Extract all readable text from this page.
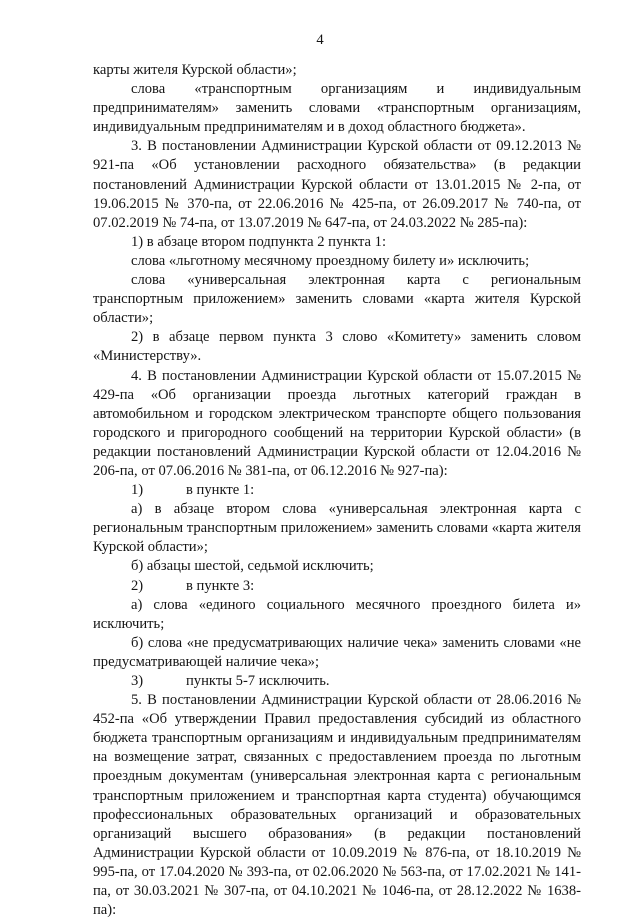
4

карты жителя Курской области»;

слова «транспортным организациям и индивидуальным предпринимателям» заменить словами «транспортным организациям, индивидуальным предпринимателям и в доход областного бюджета».

3. В постановлении Администрации Курской области от 09.12.2013 № 921-па «Об установлении расходного обязательства» (в редакции постановлений Администрации Курской области от 13.01.2015 № 2-па, от 19.06.2015 № 370-па, от 22.06.2016 № 425-па, от 26.09.2017 № 740-па, от 07.02.2019 № 74-па, от 13.07.2019 № 647-па, от 24.03.2022 № 285-па):

1) в абзаце втором подпункта 2 пункта 1:

слова «льготному месячному проездному билету и» исключить;

слова «универсальная электронная карта с региональным транспортным приложением» заменить словами «карта жителя Курской области»;

2) в абзаце первом пункта 3 слово «Комитету» заменить словом «Министерству».

4. В постановлении Администрации Курской области от 15.07.2015 № 429-па «Об организации проезда льготных категорий граждан в автомобильном и городском электрическом транспорте общего пользования городского и пригородного сообщений на территории Курской области» (в редакции постановлений Администрации Курской области от 12.04.2016 № 206-па, от 07.06.2016 № 381-па, от 06.12.2016 № 927-па):

1)	в пункте 1:

а) в абзаце втором слова «универсальная электронная карта с региональным транспортным приложением» заменить словами «карта жителя Курской области»;

б) абзацы шестой, седьмой исключить;

2)	в пункте 3:

а) слова «единого социального месячного проездного билета и» исключить;

б) слова «не предусматривающих наличие чека» заменить словами «не предусматривающей наличие чека»;

3)	пункты 5-7 исключить.

5. В постановлении Администрации Курской области от 28.06.2016 № 452-па «Об утверждении Правил предоставления субсидий из областного бюджета транспортным организациям и индивидуальным предпринимателям на возмещение затрат, связанных с предоставлением проезда по льготным проездным документам (универсальная электронная карта с региональным транспортным приложением и транспортная карта студента) обучающимся профессиональных образовательных организаций и образовательных организаций высшего образования» (в редакции постановлений Администрации Курской области от 10.09.2019 № 876-па, от 18.10.2019 № 995-па, от 17.04.2020 № 393-па, от 02.06.2020 № 563-па, от 17.02.2021 № 141-па, от 30.03.2021 № 307-па, от 04.10.2021 № 1046-па, от 28.12.2022 № 1638-па):
